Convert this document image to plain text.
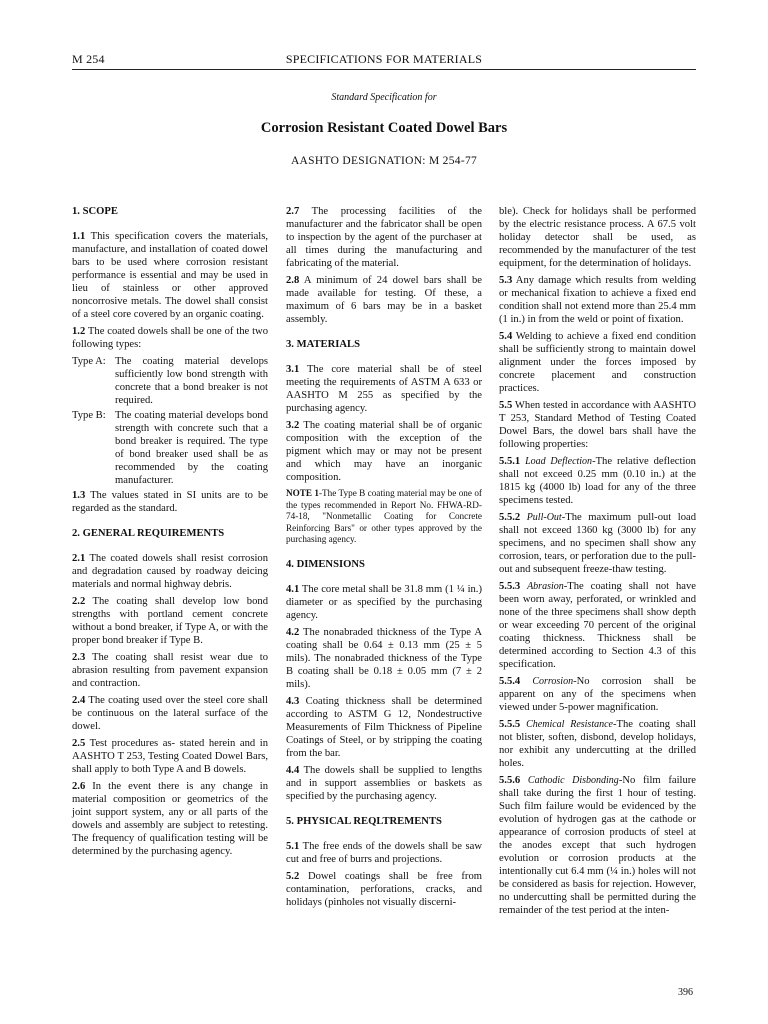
M 254	SPECIFICATIONS FOR MATERIALS
Standard Specification for
Corrosion Resistant Coated Dowel Bars
AASHTO DESIGNATION: M 254-77
1. SCOPE

1.1 This specification covers the materials, manufacture, and installation of coated dowel bars to be used where corrosion resistant performance is essential and may be used in lieu of stainless or other approved noncorrosive metals. The dowel shall consist of a steel core covered by an organic coating.

1.2 The coated dowels shall be one of the two following types:

Type A: The coating material develops sufficiently low bond strength with concrete that a bond breaker is not required.
Type B: The coating material develops bond strength with concrete such that a bond breaker is required. The type of bond breaker used shall be as recommended by the coating manufacturer.

1.3 The values stated in SI units are to be regarded as the standard.

2. GENERAL REQUIREMENTS

2.1 The coated dowels shall resist corrosion and degradation caused by roadway deicing materials and normal highway debris.

2.2 The coating shall develop low bond strengths with portland cement concrete without a bond breaker, if Type A, or with the proper bond breaker if Type B.

2.3 The coating shall resist wear due to abrasion resulting from pavement expansion and contraction.

2.4 The coating used over the steel core shall be continuous on the lateral surface of the dowel.

2.5 Test procedures as- stated herein and in AASHTO T 253, Testing Coated Dowel Bars, shall apply to both Type A and B dowels.

2.6 In the event there is any change in material composition or geometrics of the joint support system, any or all parts of the dowels and assembly are subject to retesting. The frequency of qualification testing will be determined by the purchasing agency.

2.7 The processing facilities of the manufacturer and the fabricator shall be open to inspection by the agent of the purchaser at all times during the manufacturing and fabricating of the material.

2.8 A minimum of 24 dowel bars shall be made available for testing. Of these, a maximum of 6 bars may be in a basket assembly.

3. MATERIALS

3.1 The core material shall be of steel meeting the requirements of ASTM A 633 or AASHTO M 255 as specified by the purchasing agency.

3.2 The coating material shall be of organic composition with the exception of the pigment which may or may not be present and which may have an inorganic composition.

NOTE 1-The Type B coating material may be one of the types recommended in Report No. FHWA-RD-74-18, "Nonmetallic Coating for Concrete Reinforcing Bars" or other types approved by the purchasing agency.

4. DIMENSIONS

4.1 The core metal shall be 31.8 mm (1 ¼ in.) diameter or as specified by the purchasing agency.

4.2 The nonabraded thickness of the Type A coating shall be 0.64 ± 0.13 mm (25 ± 5 mils). The nonabraded thickness of the Type B coating shall be 0.18 ± 0.05 mm (7 ± 2 mils).

4.3 Coating thickness shall be determined according to ASTM G 12, Nondestructive Measurements of Film Thickness of Pipeline Coatings of Steel, or by stripping the coating from the bar.

4.4 The dowels shall be supplied to lengths and in support assemblies or baskets as specified by the purchasing agency.

5. PHYSICAL REQLTREMENTS

5.1 The free ends of the dowels shall be saw cut and free of burrs and projections.

5.2 Dowel coatings shall be free from contamination, perforations, cracks, and holidays (pinholes not visually discerni-

ble). Check for holidays shall be performed by the electric resistance process. A 67.5 volt holiday detector shall be used, as recommended by the manufacturer of the test equipment, for the determination of holidays.

5.3 Any damage which results from welding or mechanical fixation to achieve a fixed end condition shall not extend more than 25.4 mm (1 in.) in from the weld or point of fixation.

5.4 Welding to achieve a fixed end condition shall be sufficiently strong to maintain dowel alignment under the forces imposed by concrete placement and construction practices.

5.5 When tested in accordance with AASHTO T 253, Standard Method of Testing Coated Dowel Bars, the dowel bars shall have the following properties:

5.5.1 Load Deflection-The relative deflection shall not exceed 0.25 mm (0.10 in.) at the 1815 kg (4000 lb) load for any of the three specimens tested.

5.5.2 Pull-Out-The maximum pull-out load shall not exceed 1360 kg (3000 lb) for any specimens, and no specimen shall show any corrosion, tears, or perforation due to the pull-out and subsequent freeze-thaw testing.

5.5.3 Abrasion-The coating shall not have been worn away, perforated, or wrinkled and none of the three specimens shall show depth or wear exceeding 70 percent of the original coating thickness. Thickness shall be determined according to Section 4.3 of this specification.

5.5.4 Corrosion-No corrosion shall be apparent on any of the specimens when viewed under 5-power magnification.

5.5.5 Chemical Resistance-The coating shall not blister, soften, disbond, develop holidays, nor exhibit any undercutting at the drilled holes.

5.5.6 Cathodic Disbonding-No film failure shall take during the first 1 hour of testing. Such film failure would be evidenced by the evolution of hydrogen gas at the cathode or appearance of corrosion products of steel at the anodes except that such hydrogen evolution or corrosion products at the intentionally cut 6.4 mm (¼ in.) holes will not be considered as basis for rejection. However, no undercutting shall be permitted during the remainder of the test period at the inten-

396
